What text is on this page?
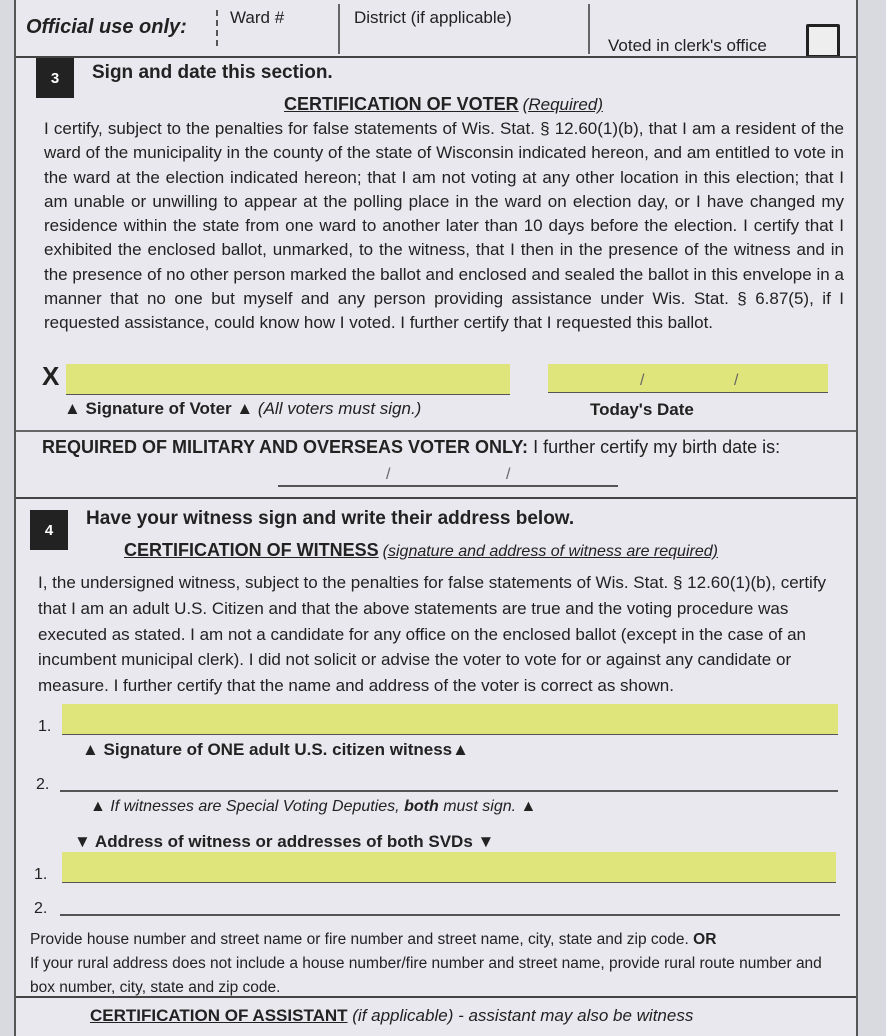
Official use only:	Ward #	District (if applicable)
Voted in clerk's office
3	Sign and date this section.
CERTIFICATION OF VOTER (Required)
I certify, subject to the penalties for false statements of Wis. Stat. § 12.60(1)(b), that I am a resident of the ward of the municipality in the county of the state of Wisconsin indicated hereon, and am entitled to vote in the ward at the election indicated hereon; that I am not voting at any other location in this election; that I am unable or unwilling to appear at the polling place in the ward on election day, or I have changed my residence within the state from one ward to another later than 10 days before the election. I certify that I exhibited the enclosed ballot, unmarked, to the witness, that I then in the presence of the witness and in the presence of no other person marked the ballot and enclosed and sealed the ballot in this envelope in a manner that no one but myself and any person providing assistance under Wis. Stat. § 6.87(5), if I requested assistance, could know how I voted. I further certify that I requested this ballot.
X	/	/
▲ Signature of Voter ▲ (All voters must sign.)	Today's Date
REQUIRED OF MILITARY AND OVERSEAS VOTER ONLY: I further certify my birth date is:
/	/
4
Have your witness sign and write their address below.
CERTIFICATION OF WITNESS (signature and address of witness are required)
I, the undersigned witness, subject to the penalties for false statements of Wis. Stat. § 12.60(1)(b), certify that I am an adult U.S. Citizen and that the above statements are true and the voting procedure was executed as stated. I am not a candidate for any office on the enclosed ballot (except in the case of an incumbent municipal clerk). I did not solicit or advise the voter to vote for or against any candidate or measure. I further certify that the name and address of the voter is correct as shown.
1.
▲ Signature of ONE adult U.S. citizen witness▲
2.
▲ If witnesses are Special Voting Deputies, both must sign. ▲
▼ Address of witness or addresses of both SVDs ▼
1.
2.
Provide house number and street name or fire number and street name, city, state and zip code. OR
If your rural address does not include a house number/fire number and street name, provide rural route number and box number, city, state and zip code.
CERTIFICATION OF ASSISTANT (if applicable) - assistant may also be witness
